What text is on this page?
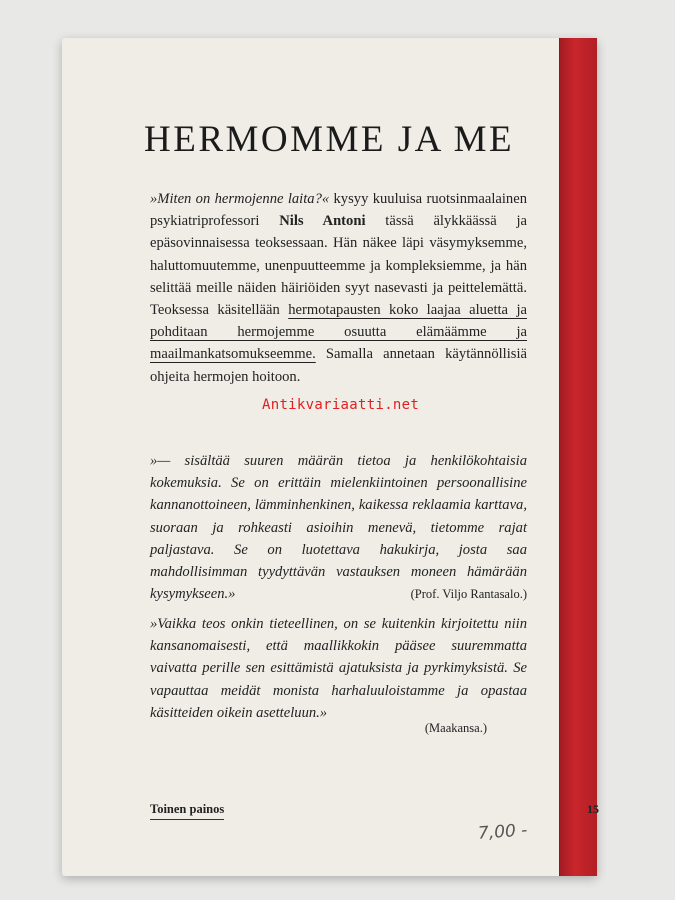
HERMOMME JA ME

»Miten on hermojenne laita?« kysyy kuuluisa ruotsinmaalainen psykiatriprofessori Nils Antoni tässä älykkäässä ja epäsovinnaisessa teoksessaan. Hän näkee läpi väsymyksemme, haluttomuutemme, unenpuutteemme ja kompleksiemme, ja hän selittää meille näiden häiriöiden syyt nasevasti ja peittelemättä. Teoksessa käsitellään hermotapausten koko laajaa aluetta ja pohditaan hermojemme osuutta elämäämme ja maailmankatsomukseemme. Samalla annetaan käytännöllisiä ohjeita hermojen hoitoon.

»— sisältää suuren määrän tietoa ja henkilökohtaisia kokemuksia. Se on erittäin mielenkiintoinen persoonallisine kannanottoineen, lämminhenkinen, kaikessa reklaamia karttava, suoraan ja rohkeasti asioihin menevä, tietomme rajat paljastava. Se on luotettava hakukirja, josta saa mahdollisimman tyydyttävän vastauksen moneen hämärään kysymykseen.»	(Prof. Viljo Rantasalo.)

»Vaikka teos onkin tieteellinen, on se kuitenkin kirjoitettu niin kansanomaisesti, että maallikkokin pääsee suuremmatta vaivatta perille sen esittämistä ajatuksista ja pyrkimyksistä. Se vapauttaa meidät monista harhaluuloistamme ja opastaa käsitteiden oikein asetteluun.»

(Maakansa.)
Toinen painos	15
Antikvariaatti.net
7,00 -
